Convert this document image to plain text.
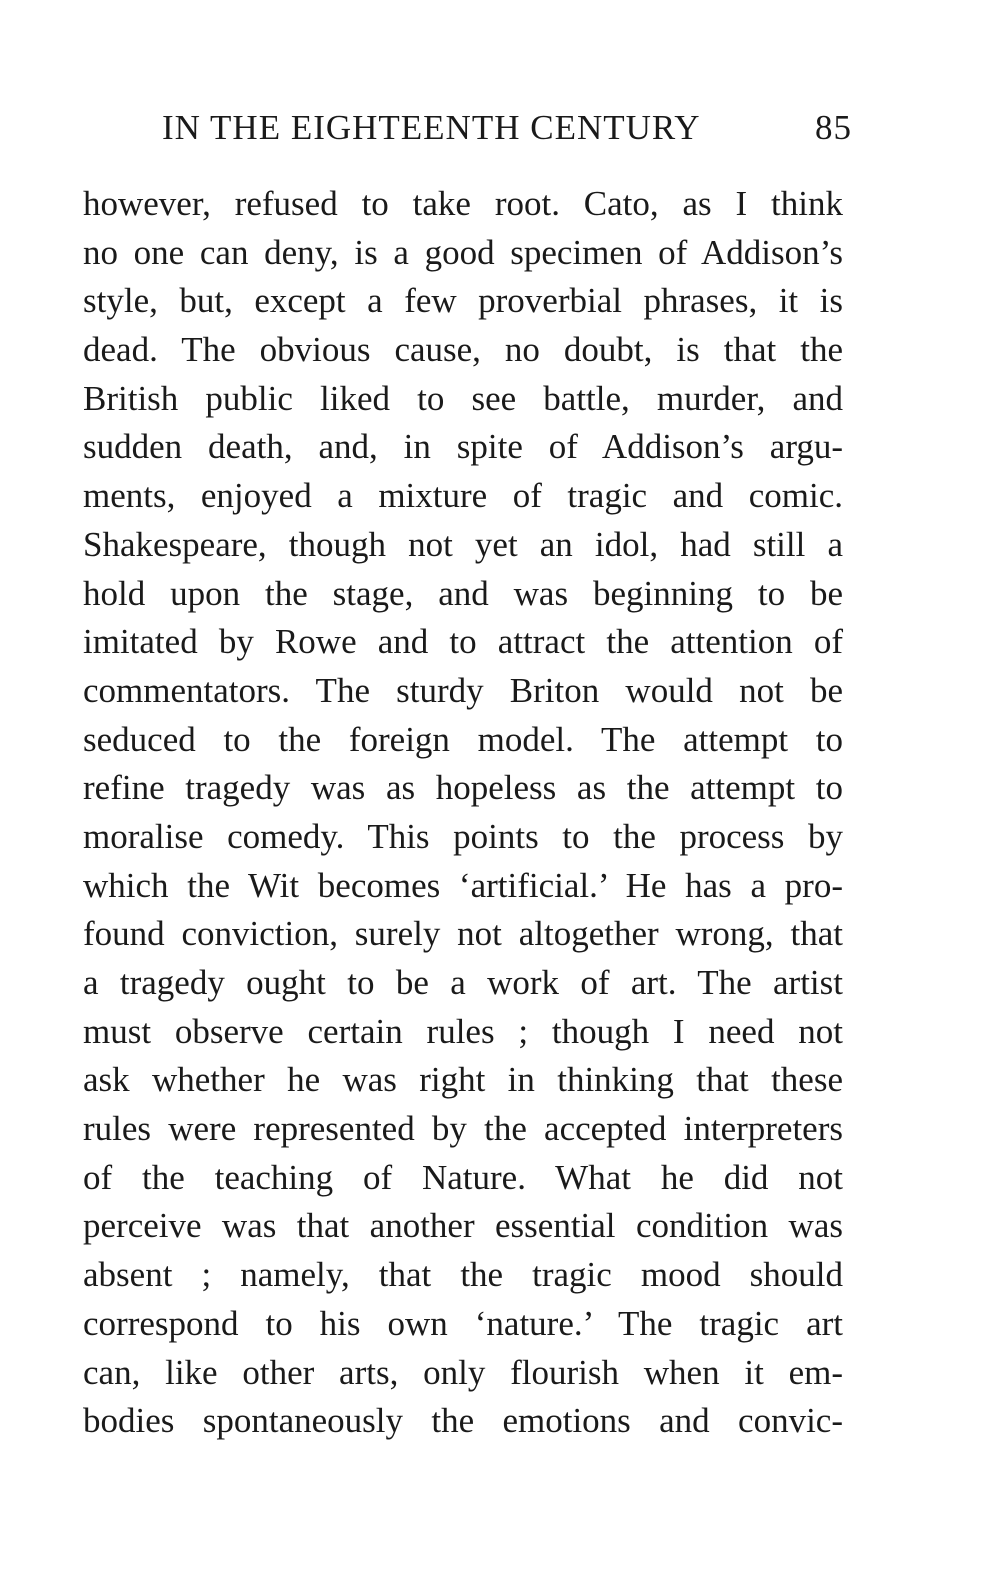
IN THE EIGHTEENTH CENTURY	85
however, refused to take root. Cato, as I think
no one can deny, is a good specimen of Addison’s
style, but, except a few proverbial phrases, it is
dead. The obvious cause, no doubt, is that the
British public liked to see battle, murder, and
sudden death, and, in spite of Addison’s argu-
ments, enjoyed a mixture of tragic and comic.
Shakespeare, though not yet an idol, had still a
hold upon the stage, and was beginning to be
imitated by Rowe and to attract the attention of
commentators. The sturdy Briton would not be
seduced to the foreign model. The attempt to
refine tragedy was as hopeless as the attempt to
moralise comedy. This points to the process by
which the Wit becomes ‘artificial.’ He has a pro-
found conviction, surely not altogether wrong, that
a tragedy ought to be a work of art. The artist
must observe certain rules ; though I need not
ask whether he was right in thinking that these
rules were represented by the accepted interpreters
of the teaching of Nature. What he did not
perceive was that another essential condition was
absent ; namely, that the tragic mood should
correspond to his own ‘nature.’ The tragic art
can, like other arts, only flourish when it em-
bodies spontaneously the emotions and convic-
